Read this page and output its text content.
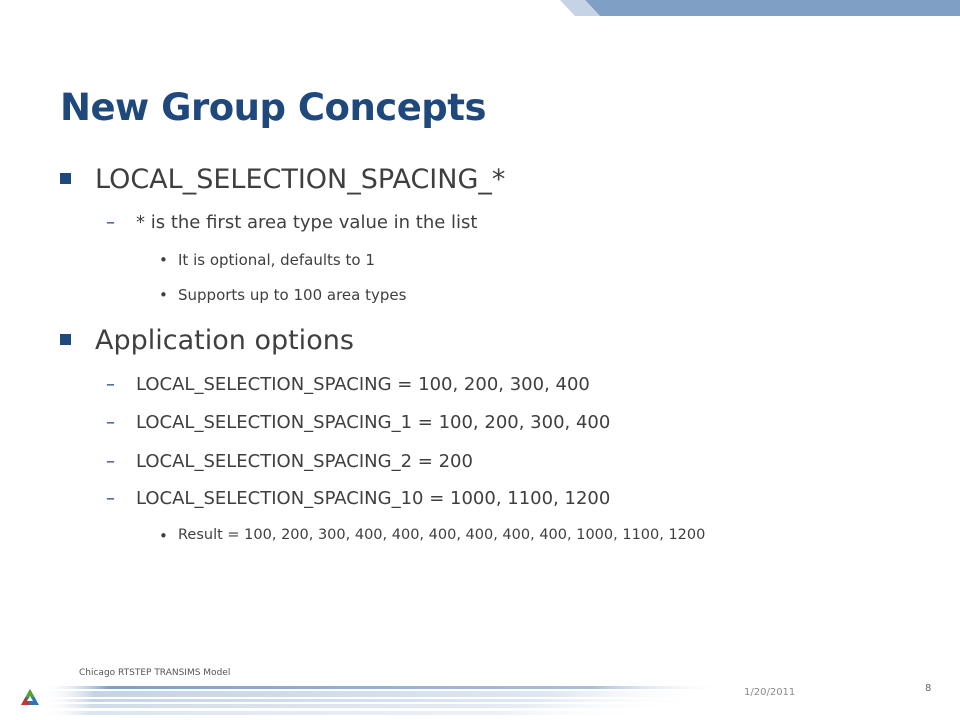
New Group Concepts
LOCAL_SELECTION_SPACING_*
– * is the first area type value in the list
• It is optional, defaults to 1
• Supports up to 100 area types
Application options
– LOCAL_SELECTION_SPACING = 100, 200, 300, 400
– LOCAL_SELECTION_SPACING_1 = 100, 200, 300, 400
– LOCAL_SELECTION_SPACING_2 = 200
– LOCAL_SELECTION_SPACING_10 = 1000, 1100, 1200
• Result = 100, 200, 300, 400, 400, 400, 400, 400, 400, 1000, 1100, 1200
Chicago RTSTEP TRANSIMS Model
1/20/2011	8
